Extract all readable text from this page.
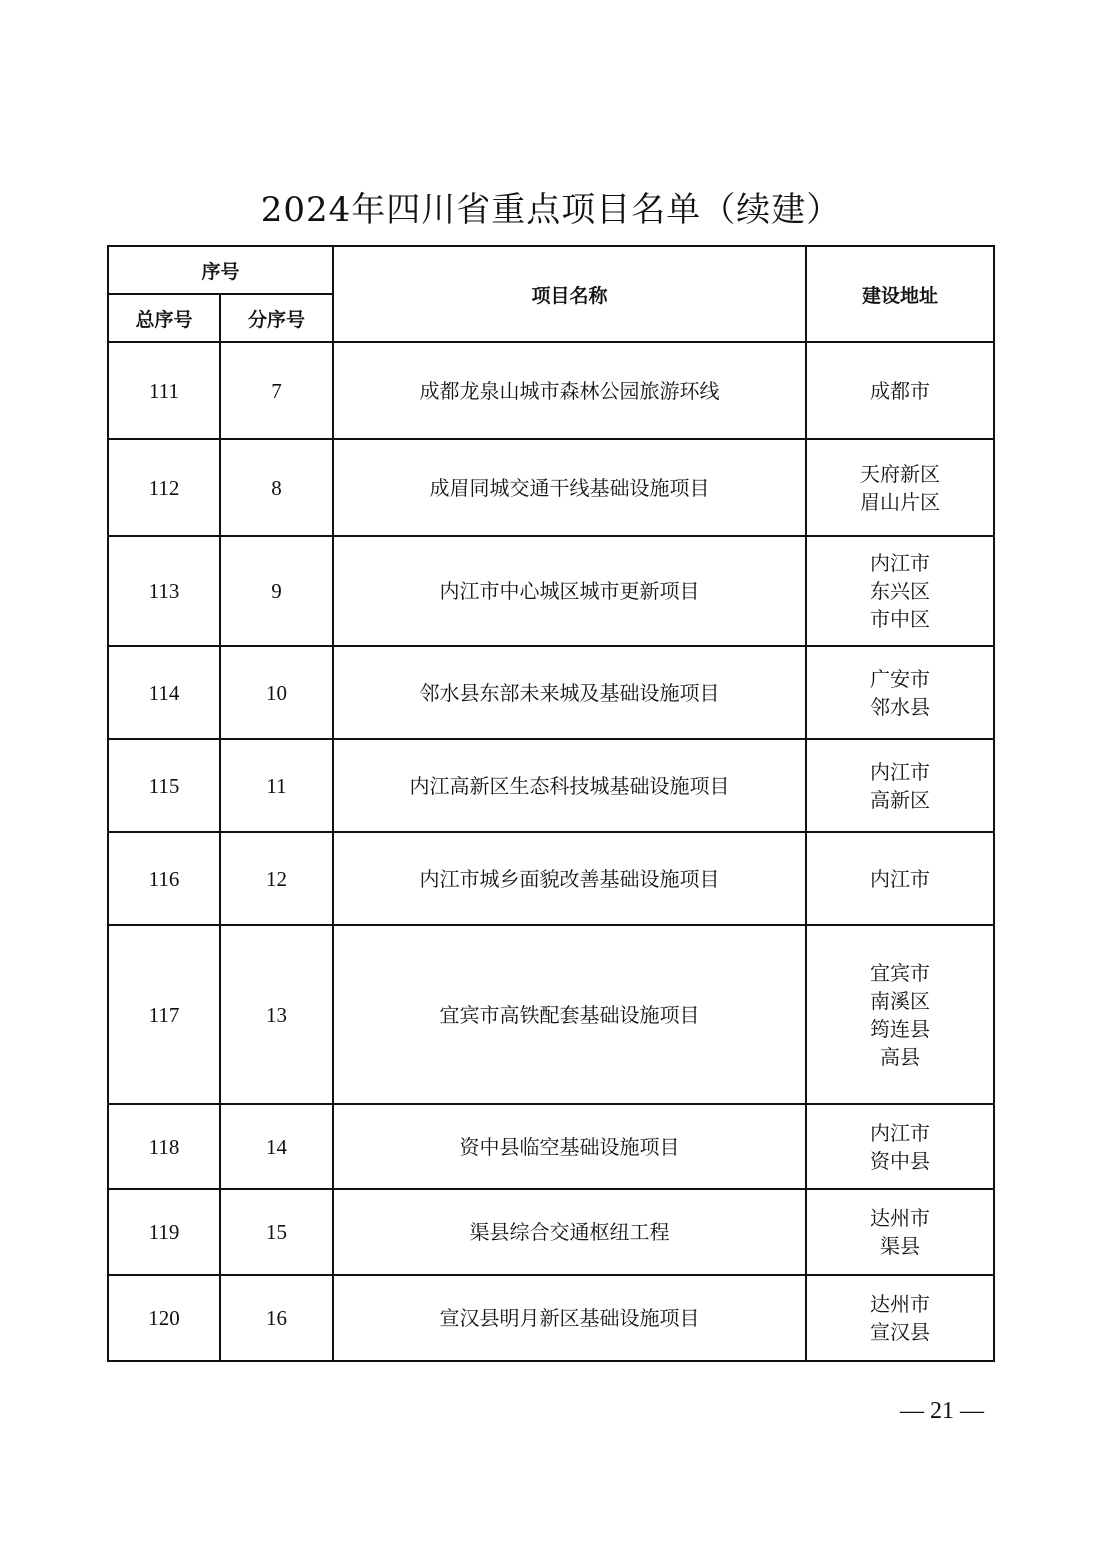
2024年四川省重点项目名单（续建）
序号		项目名称	建设地址
总序号	分序号		
111	7	成都龙泉山城市森林公园旅游环线	成都市

112	8	成眉同城交通干线基础设施项目	天府新区
眉山片区

113	9	内江市中心城区城市更新项目	内江市
东兴区
市中区

114	10	邻水县东部未来城及基础设施项目	广安市
邻水县

115	11	内江高新区生态科技城基础设施项目	内江市
高新区

116	12	内江市城乡面貌改善基础设施项目	内江市

117	13	宜宾市高铁配套基础设施项目	宜宾市
南溪区
筠连县
高县

118	14	资中县临空基础设施项目	内江市
资中县

119	15	渠县综合交通枢纽工程	达州市
渠县

120	16	宣汉县明月新区基础设施项目	达州市
宣汉县
— 21 —
